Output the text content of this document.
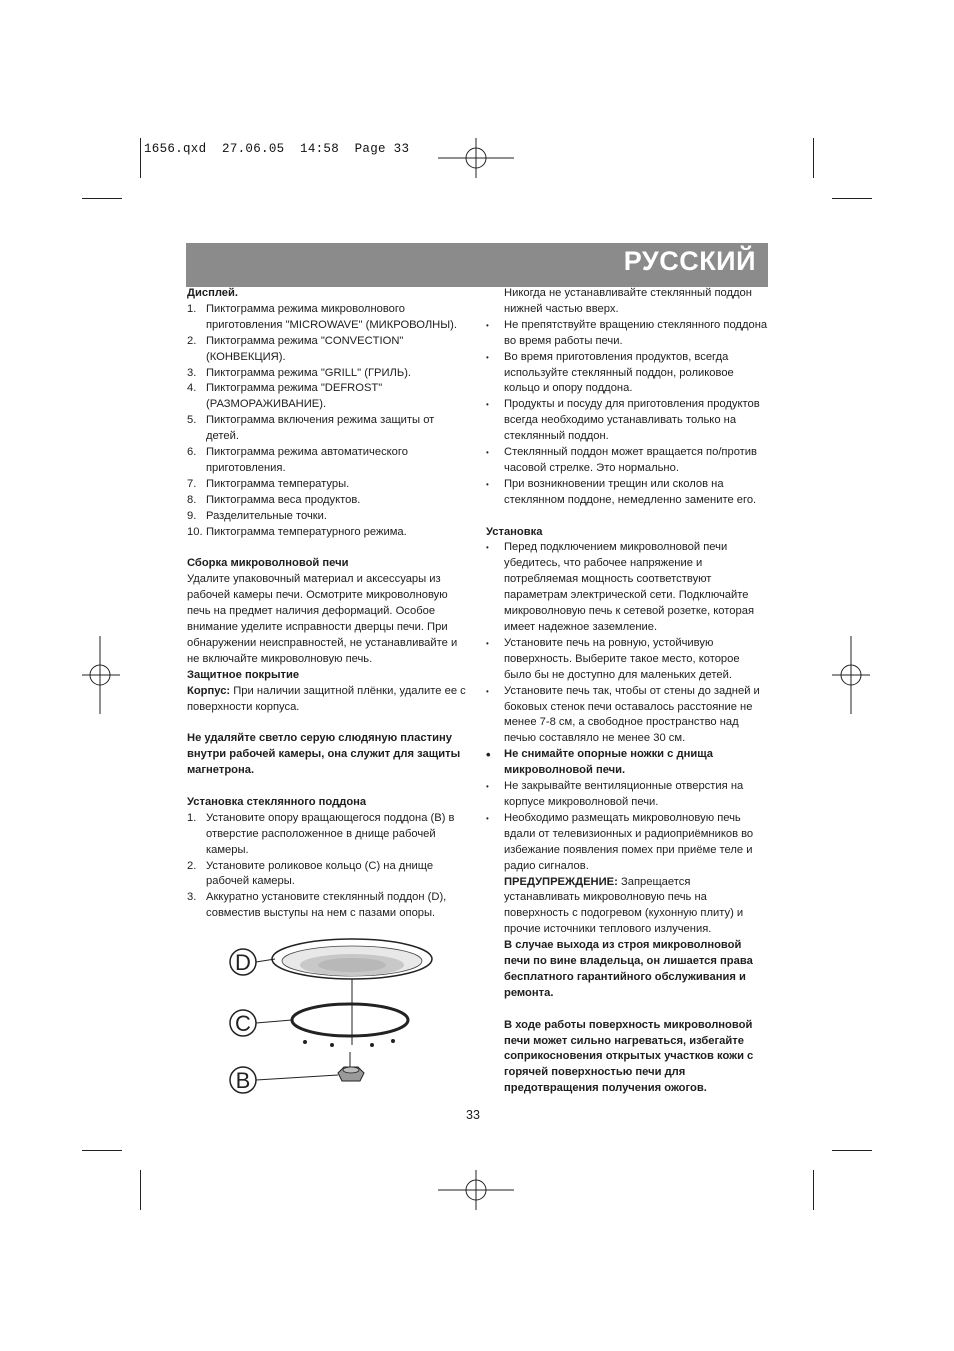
1656.qxd  27.06.05  14:58  Page 33
РУССКИЙ

Дисплей.

1. Пиктограмма режима микроволнового приготовления "MICROWAVE" (МИКРОВОЛНЫ).
2. Пиктограмма режима "CONVECTION" (КОНВЕКЦИЯ).
3. Пиктограмма режима "GRILL" (ГРИЛЬ).
4. Пиктограмма режима "DEFROST" (РАЗМОРАЖИВАНИЕ).
5. Пиктограмма включения режима защиты от детей.
6. Пиктограмма режима автоматического приготовления.
7. Пиктограмма температуры.
8. Пиктограмма веса продуктов.
9. Разделительные точки.
10. Пиктограмма температурного режима.

Сборка микроволновой печи

Удалите упаковочный материал и аксессуары из рабочей камеры печи. Осмотрите микроволновую печь на предмет наличия деформаций. Особое внимание уделите исправности дверцы печи. При обнаружении неисправностей, не устанавливайте и не включайте микроволновую печь.

Защитное покрытие

Корпус: При наличии защитной плёнки, удалите ее с поверхности корпуса.

Не удаляйте светло серую слюдяную пластину внутри рабочей камеры, она служит для защиты магнетрона.

Установка стеклянного поддона

1. Установите опору вращающегося поддона (B) в отверстие расположенное в днище рабочей камеры.
2. Установите роликовое кольцо (C) на днище рабочей камеры.
3. Аккуратно установите стеклянный поддон (D), совместив выступы на нем с пазами опоры.
D
C
B

Никогда не устанавливайте стеклянный поддон нижней частью вверх.

•	Не препятствуйте вращению стеклянного поддона во время работы печи.
•	Во время приготовления продуктов, всегда используйте стеклянный поддон, роликовое кольцо и опору поддона.
•	Продукты и посуду для приготовления продуктов всегда необходимо устанавливать только на стеклянный поддон.
•	Стеклянный поддон может вращается по/против часовой стрелке. Это нормально.
•	При возникновении трещин или сколов на стеклянном поддоне, немедленно замените его.

Установка

•	Перед подключением микроволновой печи убедитесь, что рабочее напряжение и потребляемая мощность соответствуют параметрам электрической сети. Подключайте микроволновую печь к сетевой розетке, которая имеет надежное заземление.
•	Установите печь на ровную, устойчивую поверхность. Выберите такое место, которое было бы не доступно для маленьких детей.
•	Установите печь так, чтобы от стены до задней и боковых стенок печи оставалось расстояние не менее 7-8 см, а свободное пространство над печью составляло не менее 30 см.
•	Не снимайте опорные ножки с днища микроволновой печи.
•	Не закрывайте вентиляционные отверстия на корпусе микроволновой печи.
•	Необходимо размещать микроволновую печь вдали от телевизионных и радиоприёмников во избежание появления помех при приёме теле и радио сигналов.

ПРЕДУПРЕЖДЕНИЕ: Запрещается устанавливать микроволновую печь на поверхность с подогревом (кухонную плиту) и прочие источники теплового излучения.

В случае выхода из строя микроволновой печи по вине владельца, он лишается права бесплатного гарантийного обслуживания и ремонта.

В ходе работы поверхность микроволновой печи может сильно нагреваться, избегайте соприкосновения открытых участков кожи с горячей поверхностью печи для предотвращения получения ожогов.

33
